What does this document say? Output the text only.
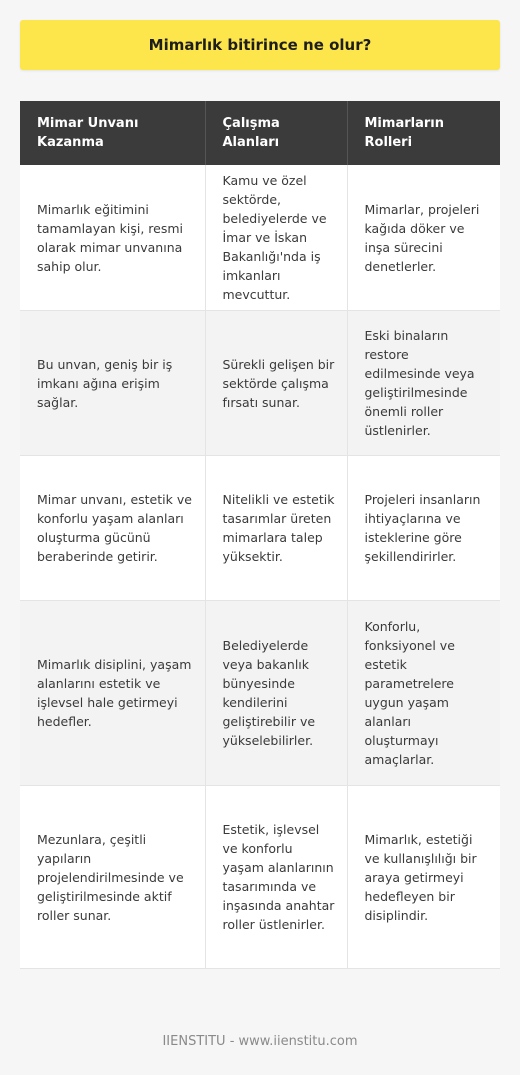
Mimarlık bitirince ne olur?
Mimar Unvanı Kazanma	Çalışma Alanları	Mimarların Rolleri
Mimarlık eğitimini tamamlayan kişi, resmi olarak mimar unvanına sahip olur.	Kamu ve özel sektörde, belediyelerde ve İmar ve İskan Bakanlığı'nda iş imkanları mevcuttur.	Mimarlar, projeleri kağıda döker ve inşa sürecini denetlerler.
Bu unvan, geniş bir iş imkanı ağına erişim sağlar.	Sürekli gelişen bir sektörde çalışma fırsatı sunar.	Eski binaların restore edilmesinde veya geliştirilmesinde önemli roller üstlenirler.
Mimar unvanı, estetik ve konforlu yaşam alanları oluşturma gücünü beraberinde getirir.	Nitelikli ve estetik tasarımlar üreten mimarlara talep yüksektir.	Projeleri insanların ihtiyaçlarına ve isteklerine göre şekillendirirler.
Mimarlık disiplini, yaşam alanlarını estetik ve işlevsel hale getirmeyi hedefler.	Belediyelerde veya bakanlık bünyesinde kendilerini geliştirebilir ve yükselebilirler.	Konforlu, fonksiyonel ve estetik parametrelere uygun yaşam alanları oluşturmayı amaçlarlar.
Mezunlara, çeşitli yapıların projelendirilmesinde ve geliştirilmesinde aktif roller sunar.	Estetik, işlevsel ve konforlu yaşam alanlarının tasarımında ve inşasında anahtar roller üstlenirler.	Mimarlık, estetiği ve kullanışlılığı bir araya getirmeyi hedefleyen bir disiplindir.
IIENSTITU - www.iienstitu.com
